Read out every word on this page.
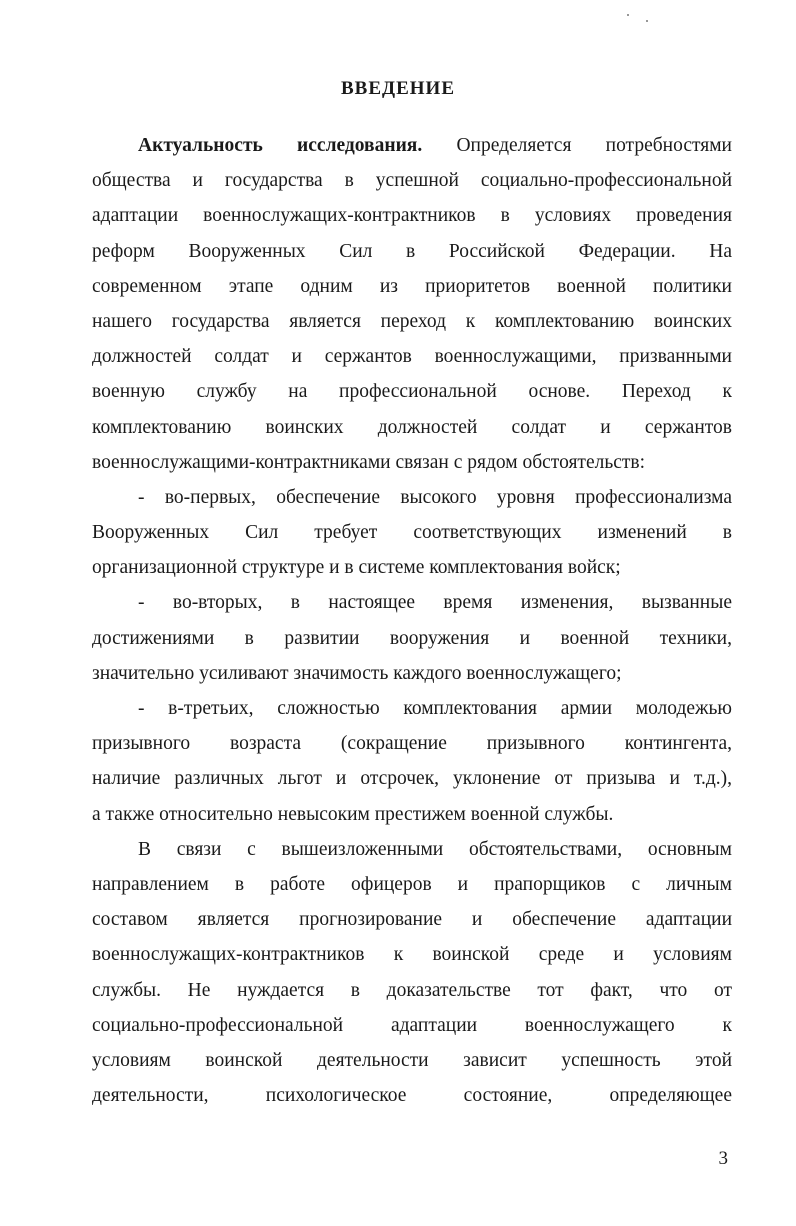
ВВЕДЕНИЕ
Актуальность исследования. Определяется потребностями
общества и государства в успешной социально-профессиональной
адаптации военнослужащих-контрактников в условиях проведения
реформ Вооруженных Сил в Российской Федерации. На
современном этапе одним из приоритетов военной политики
нашего государства является переход к комплектованию воинских
должностей солдат и сержантов военнослужащими, призванными
военную службу на профессиональной основе. Переход к
комплектованию воинских должностей солдат и сержантов
военнослужащими-контрактниками связан с рядом обстоятельств:
- во-первых, обеспечение высокого уровня профессионализма
Вооруженных Сил требует соответствующих изменений в
организационной структуре и в системе комплектования войск;
- во-вторых, в настоящее время изменения, вызванные
достижениями в развитии вооружения и военной техники,
значительно усиливают значимость каждого военнослужащего;
- в-третьих, сложностью комплектования армии молодежью
призывного возраста (сокращение призывного контингента,
наличие различных льгот и отсрочек, уклонение от призыва и т.д.),
а также относительно невысоким престижем военной службы.
В связи с вышеизложенными обстоятельствами, основным
направлением в работе офицеров и прапорщиков с личным
составом является прогнозирование и обеспечение адаптации
военнослужащих-контрактников к воинской среде и условиям
службы. Не нуждается в доказательстве тот факт, что от
социально-профессиональной адаптации военнослужащего к
условиям воинской деятельности зависит успешность этой
деятельности, психологическое состояние, определяющее
3
